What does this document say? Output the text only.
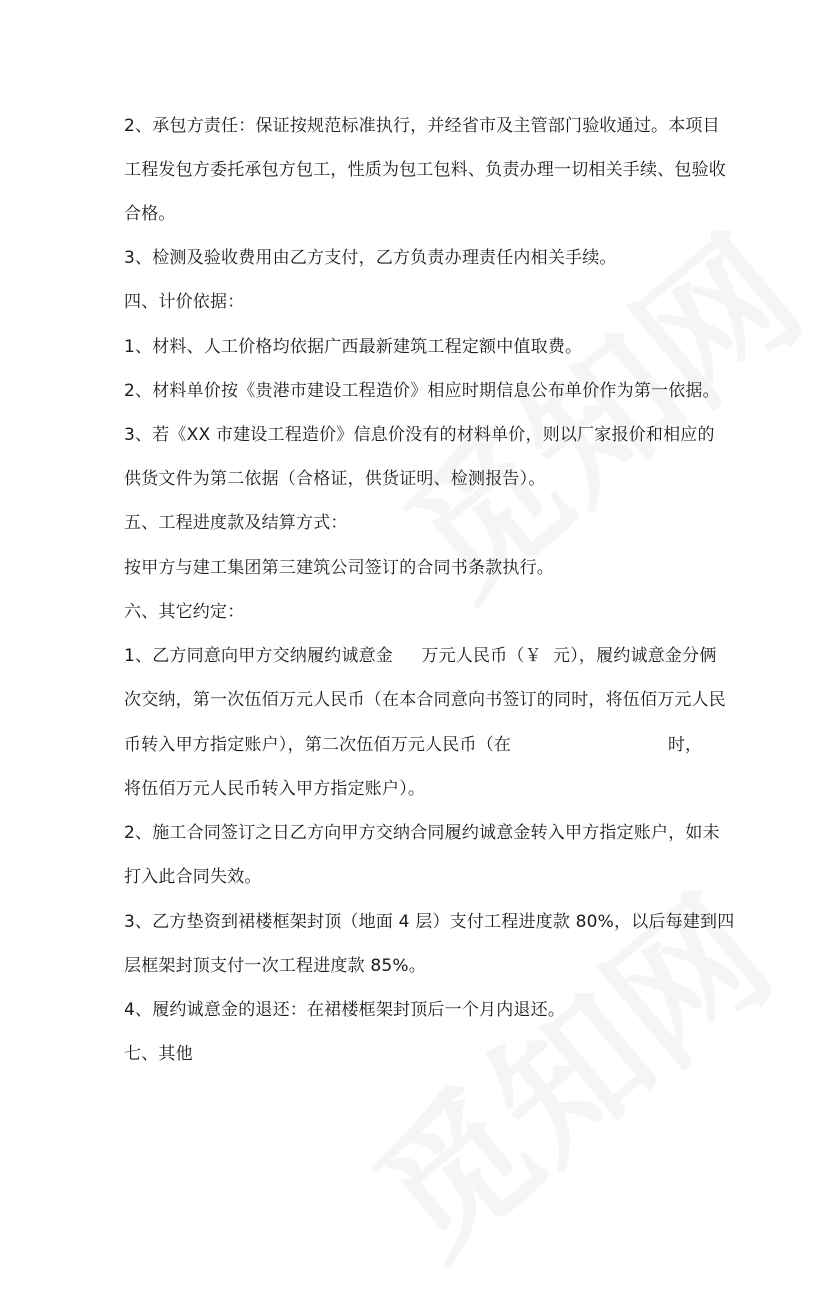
2、承包方责任：保证按规范标准执行，并经省市及主管部门验收通过。本项目
工程发包方委托承包方包工，性质为包工包料、负责办理一切相关手续、包验收
合格。
3、检测及验收费用由乙方支付，乙方负责办理责任内相关手续。
四、计价依据：
1、材料、人工价格均依据广西最新建筑工程定额中值取费。
2、材料单价按《贵港市建设工程造价》相应时期信息公布单价作为第一依据。
3、若《XX 市建设工程造价》信息价没有的材料单价，则以厂家报价和相应的
供货文件为第二依据（合格证，供货证明、检测报告）。
五、工程进度款及结算方式：
按甲方与建工集团第三建筑公司签订的合同书条款执行。
六、其它约定：
1、乙方同意向甲方交纳履约诚意金　  万元人民币（￥  元），履约诚意金分俩
次交纳，第一次伍佰万元人民币（在本合同意向书签订的同时，将伍佰万元人民
币转入甲方指定账户），第二次伍佰万元人民币（在	时，
将伍佰万元人民币转入甲方指定账户）。
2、施工合同签订之日乙方向甲方交纳合同履约诚意金转入甲方指定账户，如未
打入此合同失效。
3、乙方垫资到裙楼框架封顶（地面 4 层）支付工程进度款 80%，以后每建到四
层框架封顶支付一次工程进度款 85%。
4、履约诚意金的退还：在裙楼框架封顶后一个月内退还。
七、其他
